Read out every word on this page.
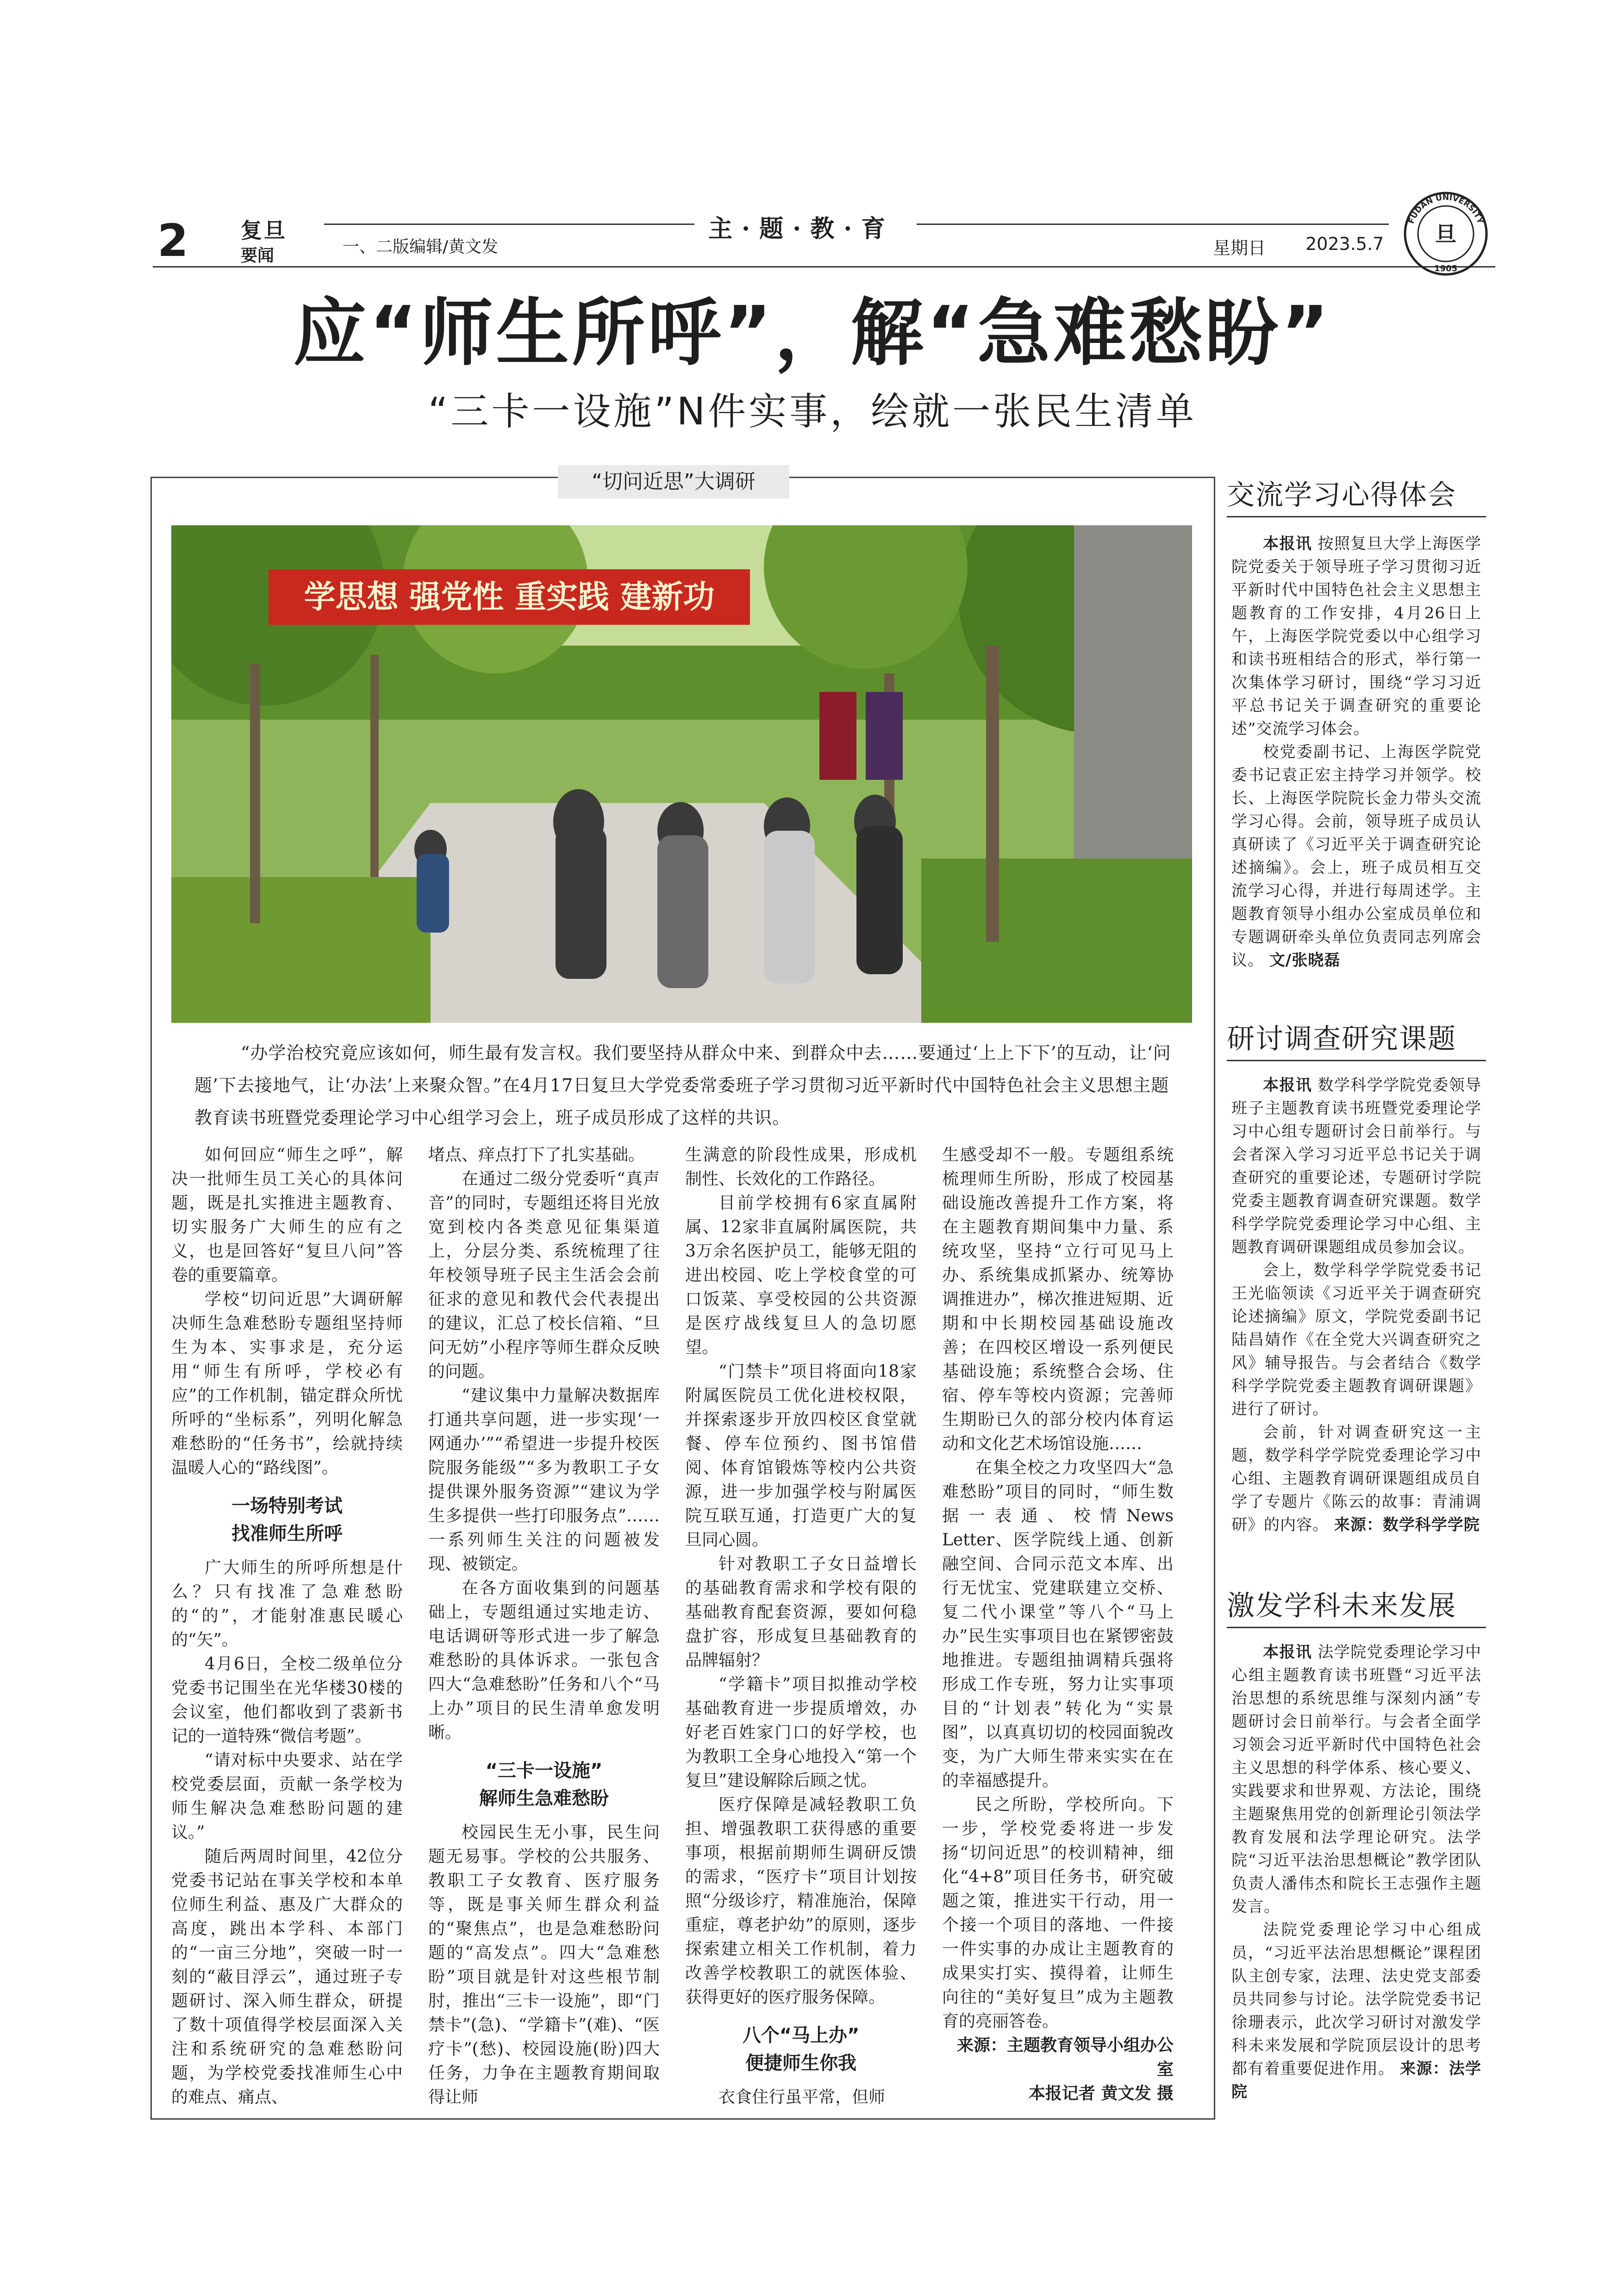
2 复旦
要闻	一、二版编辑/黄文发
主·题·教·育
星期日 2023.5.7
FUDAN UNIVERSITY
1905
旦
应“师生所呼”，解“急难愁盼”
“三卡一设施”N件实事，绘就一张民生清单
“切问近思”大调研
学思想 强党性 重实践 建新功
“办学治校究竟应该如何，师生最有发言权。我们要坚持从群众中来、到群众中去……要通过‘上上下下’的互动，让‘问题’下去接地气，让‘办法’上来聚众智。”在4月17日复旦大学党委常委班子学习贯彻习近平新时代中国特色社会主义思想主题教育读书班暨党委理论学习中心组学习会上，班子成员形成了这样的共识。

如何回应“师生之呼”，解决一批师生员工关心的具体问题，既是扎实推进主题教育、切实服务广大师生的应有之义，也是回答好“复旦八问”答卷的重要篇章。

学校“切问近思”大调研解决师生急难愁盼专题组坚持师生为本、实事求是，充分运用“师生有所呼，学校必有应”的工作机制，锚定群众所忧所呼的“坐标系”，列明化解急难愁盼的“任务书”，绘就持续温暖人心的“路线图”。

一场特别考试
找准师生所呼

广大师生的所呼所想是什么？只有找准了急难愁盼的“的”，才能射准惠民暖心的“矢”。

4月6日，全校二级单位分党委书记围坐在光华楼30楼的会议室，他们都收到了裘新书记的一道特殊“微信考题”。

“请对标中央要求、站在学校党委层面，贡献一条学校为师生解决急难愁盼问题的建议。”

随后两周时间里，42位分党委书记站在事关学校和本单位师生利益、惠及广大群众的高度，跳出本学科、本部门的“一亩三分地”，突破一时一刻的“蔽目浮云”，通过班子专题研讨、深入师生群众，研提了数十项值得学校层面深入关注和系统研究的急难愁盼问题，为学校党委找准师生心中的难点、痛点、

堵点、痒点打下了扎实基础。

在通过二级分党委听“真声音”的同时，专题组还将目光放宽到校内各类意见征集渠道上，分层分类、系统梳理了往年校领导班子民主生活会会前征求的意见和教代会代表提出的建议，汇总了校长信箱、“旦问无妨”小程序等师生群众反映的问题。

“建议集中力量解决数据库打通共享问题，进一步实现‘一网通办’”“希望进一步提升校医院服务能级”“多为教职工子女提供课外服务资源”“建议为学生多提供一些打印服务点”……一系列师生关注的问题被发现、被锁定。

在各方面收集到的问题基础上，专题组通过实地走访、电话调研等形式进一步了解急难愁盼的具体诉求。一张包含四大“急难愁盼”任务和八个“马上办”项目的民生清单愈发明晰。

“三卡一设施”
解师生急难愁盼

校园民生无小事，民生问题无易事。学校的公共服务、教职工子女教育、医疗服务等，既是事关师生群众利益的“聚焦点”，也是急难愁盼问题的“高发点”。四大“急难愁盼”项目就是针对这些根节制肘，推出“三卡一设施”，即“门禁卡”(急)、“学籍卡”(难)、“医疗卡”(愁)、校园设施(盼)四大任务，力争在主题教育期间取得让师

生满意的阶段性成果，形成机制性、长效化的工作路径。

目前学校拥有6家直属附属、12家非直属附属医院，共3万余名医护员工，能够无阻的进出校园、吃上学校食堂的可口饭菜、享受校园的公共资源是医疗战线复旦人的急切愿望。

“门禁卡”项目将面向18家附属医院员工优化进校权限，并探索逐步开放四校区食堂就餐、停车位预约、图书馆借阅、体育馆锻炼等校内公共资源，进一步加强学校与附属医院互联互通，打造更广大的复旦同心圆。

针对教职工子女日益增长的基础教育需求和学校有限的基础教育配套资源，要如何稳盘扩容，形成复旦基础教育的品牌辐射？

“学籍卡”项目拟推动学校基础教育进一步提质增效，办好老百姓家门口的好学校，也为教职工全身心地投入“第一个复旦”建设解除后顾之忧。

医疗保障是减轻教职工负担、增强教职工获得感的重要事项，根据前期师生调研反馈的需求，“医疗卡”项目计划按照“分级诊疗，精准施治，保障重症，尊老护幼”的原则，逐步探索建立相关工作机制，着力改善学校教职工的就医体验、获得更好的医疗服务保障。

八个“马上办”
便捷师生你我

衣食住行虽平常，但师

生感受却不一般。专题组系统梳理师生所盼，形成了校园基础设施改善提升工作方案，将在主题教育期间集中力量、系统攻坚，坚持“立行可见马上办、系统集成抓紧办、统筹协调推进办”，梯次推进短期、近期和中长期校园基础设施改善；在四校区增设一系列便民基础设施；系统整合会场、住宿、停车等校内资源；完善师生期盼已久的部分校内体育运动和文化艺术场馆设施……

在集全校之力攻坚四大“急难愁盼”项目的同时，“师生数据一表通、校情News Letter、医学院线上通、创新融空间、合同示范文本库、出行无忧宝、党建联建立交桥、复二代小课堂”等八个“马上办”民生实事项目也在紧锣密鼓地推进。专题组抽调精兵强将形成工作专班，努力让实事项目的“计划表”转化为“实景图”，以真真切切的校园面貌改变，为广大师生带来实实在在的幸福感提升。

民之所盼，学校所向。下一步，学校党委将进一步发扬“切问近思”的校训精神，细化“4+8”项目任务书，研究破题之策，推进实干行动，用一个接一个项目的落地、一件接一件实事的办成让主题教育的成果实打实、摸得着，让师生向往的“美好复旦”成为主题教育的亮丽答卷。

来源：主题教育领导小组办公室

本报记者 黄文发 摄

交流学习心得体会

本报讯 按照复旦大学上海医学院党委关于领导班子学习贯彻习近平新时代中国特色社会主义思想主题教育的工作安排，4月26日上午，上海医学院党委以中心组学习和读书班相结合的形式，举行第一次集体学习研讨，围绕“学习习近平总书记关于调查研究的重要论述”交流学习体会。

校党委副书记、上海医学院党委书记袁正宏主持学习并领学。校长、上海医学院院长金力带头交流学习心得。会前，领导班子成员认真研读了《习近平关于调查研究论述摘编》。会上，班子成员相互交流学习心得，并进行每周述学。主题教育领导小组办公室成员单位和专题调研牵头单位负责同志列席会议。 文/张晓磊

研讨调查研究课题

本报讯 数学科学学院党委领导班子主题教育读书班暨党委理论学习中心组专题研讨会日前举行。与会者深入学习习近平总书记关于调查研究的重要论述，专题研讨学院党委主题教育调查研究课题。数学科学学院党委理论学习中心组、主题教育调研课题组成员参加会议。

会上，数学科学学院党委书记王光临领读《习近平关于调查研究论述摘编》原文，学院党委副书记陆昌婧作《在全党大兴调查研究之风》辅导报告。与会者结合《数学科学学院党委主题教育调研课题》进行了研讨。

会前，针对调查研究这一主题，数学科学学院党委理论学习中心组、主题教育调研课题组成员自学了专题片《陈云的故事：青浦调研》的内容。 来源：数学科学学院

激发学科未来发展

本报讯 法学院党委理论学习中心组主题教育读书班暨“习近平法治思想的系统思维与深刻内涵”专题研讨会日前举行。与会者全面学习领会习近平新时代中国特色社会主义思想的科学体系、核心要义、实践要求和世界观、方法论，围绕主题聚焦用党的创新理论引领法学教育发展和法学理论研究。法学院“习近平法治思想概论”教学团队负责人潘伟杰和院长王志强作主题发言。

法院党委理论学习中心组成员，“习近平法治思想概论”课程团队主创专家，法理、法史党支部委员共同参与讨论。法学院党委书记徐珊表示，此次学习研讨对激发学科未来发展和学院顶层设计的思考都有着重要促进作用。 来源：法学院
